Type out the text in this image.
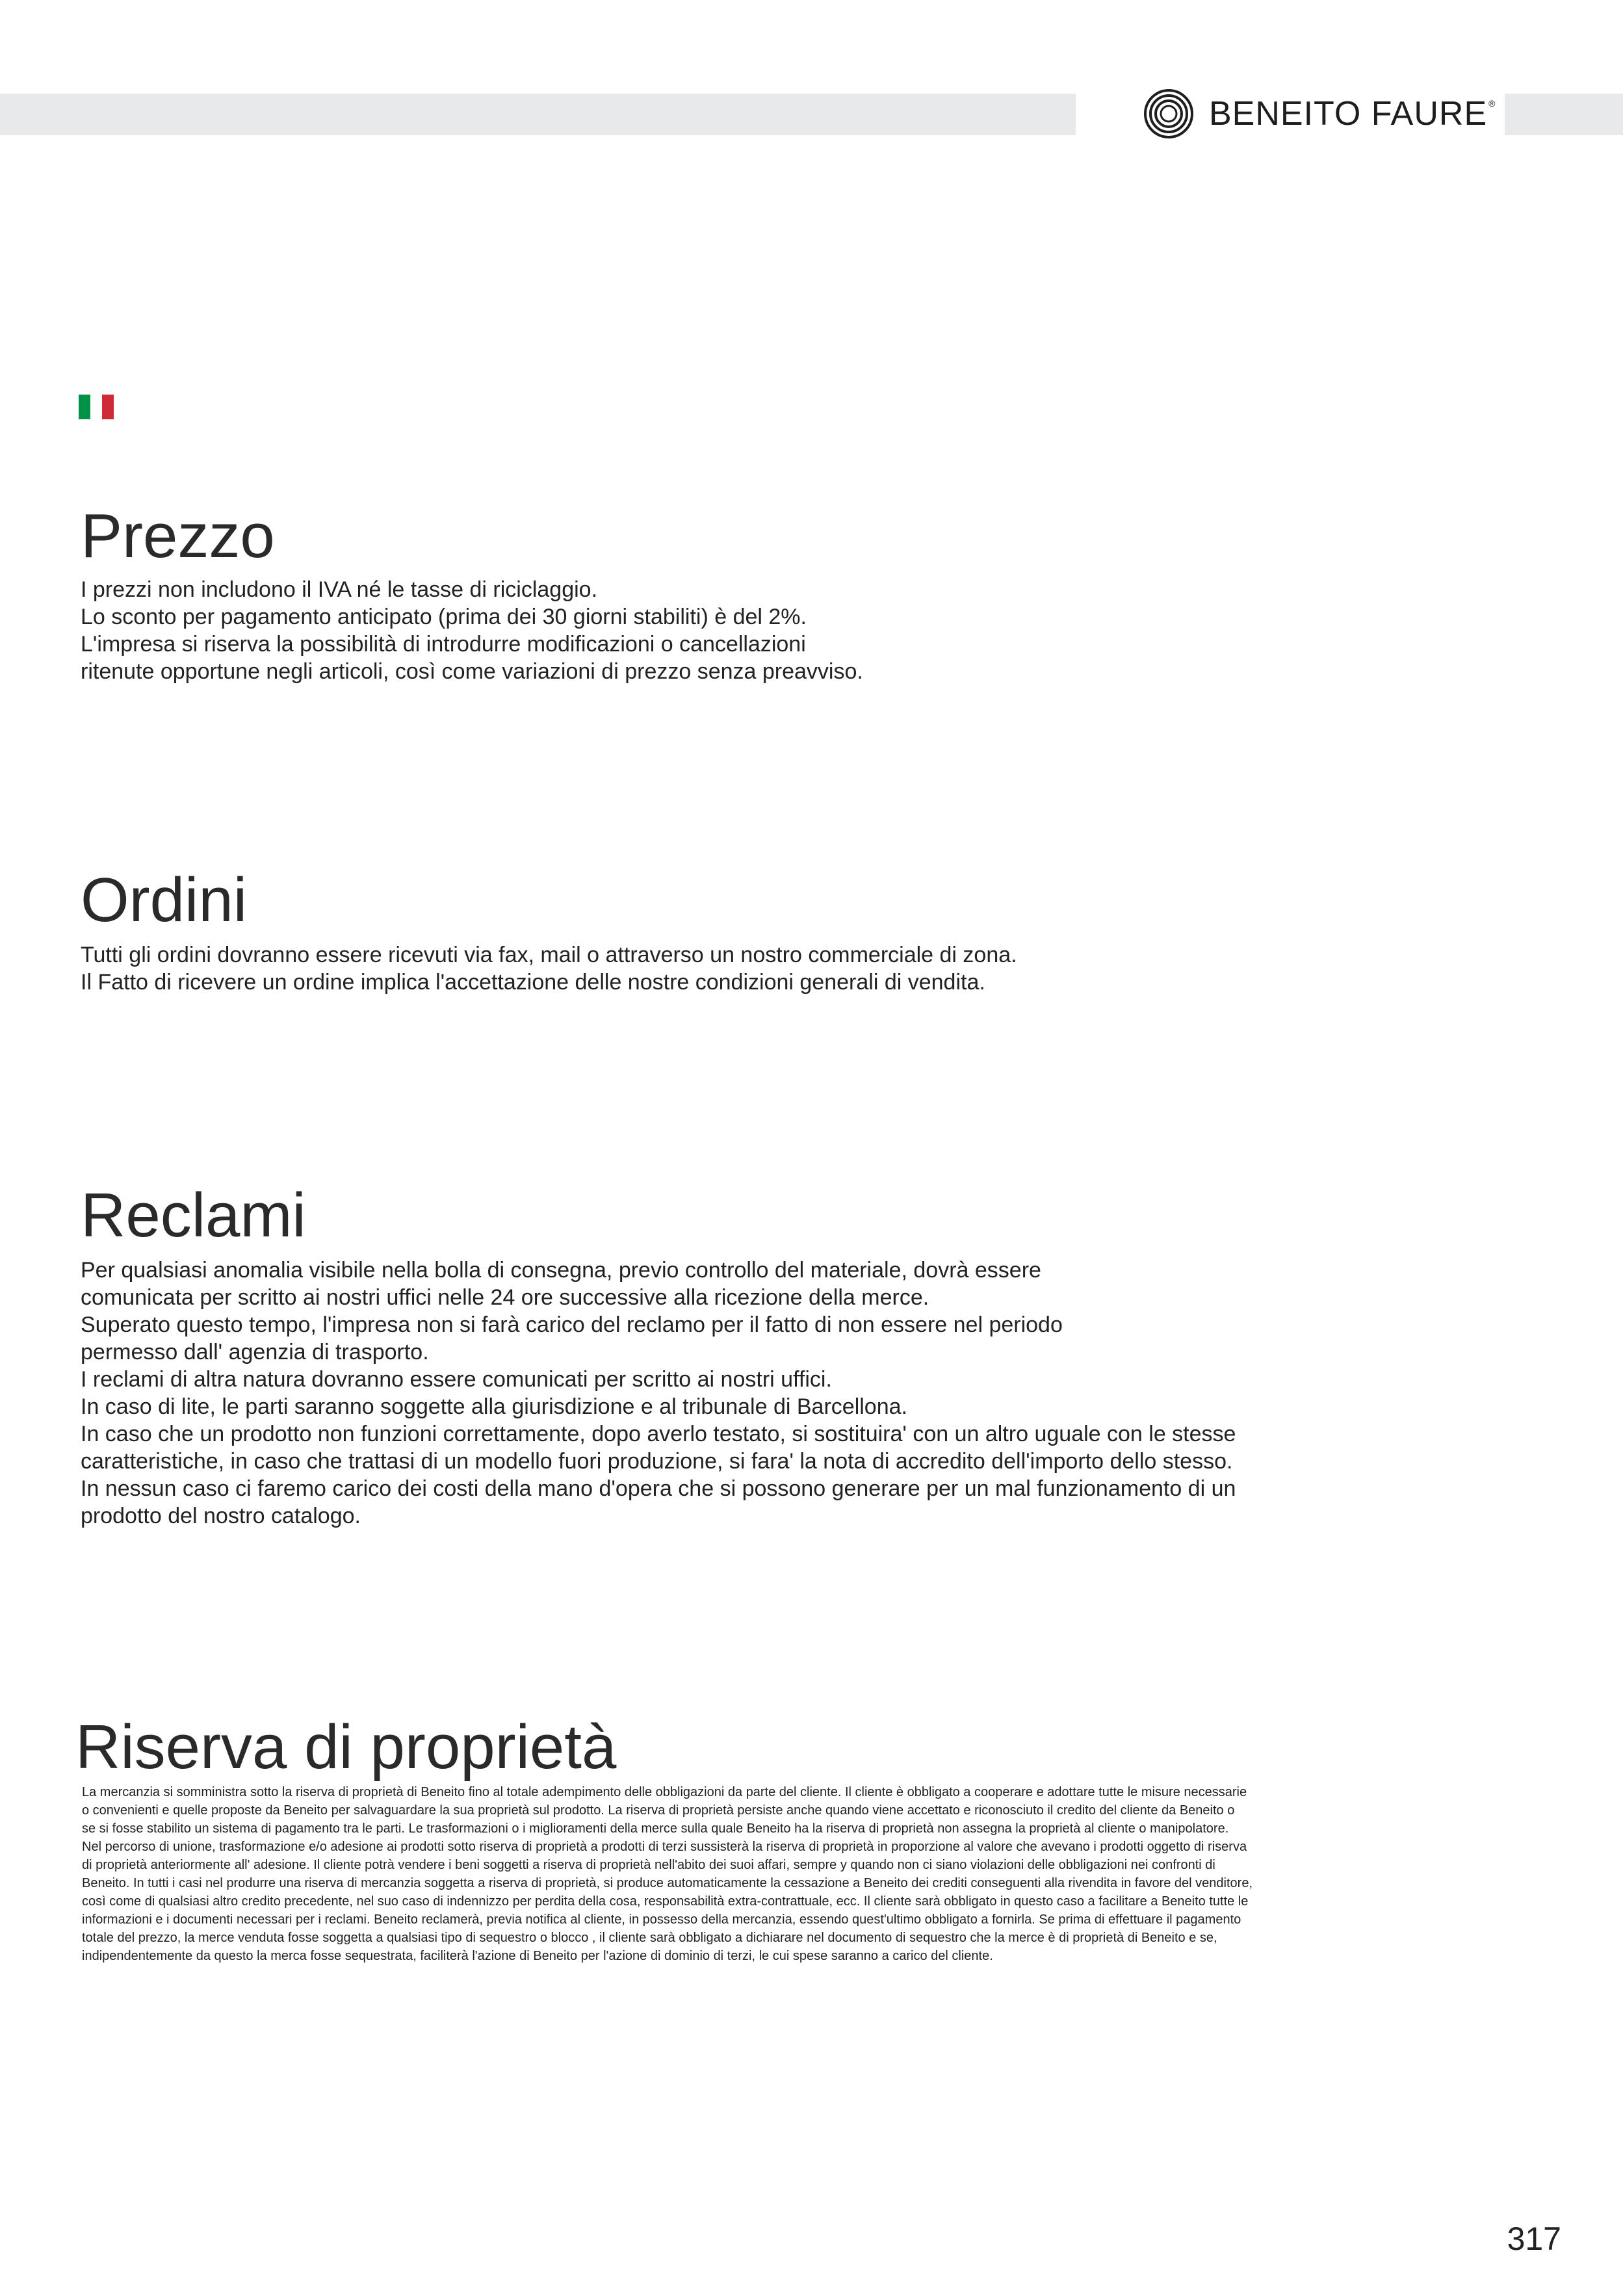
BENEITO FAURE ®
Prezzo
I prezzi non includono il IVA né le tasse di riciclaggio.
Lo sconto per pagamento anticipato (prima dei 30 giorni stabiliti) è del 2%.
L'impresa si riserva la possibilità di introdurre modificazioni o cancellazioni
ritenute opportune negli articoli, così come variazioni di prezzo senza preavviso.
Ordini
Tutti gli ordini dovranno essere ricevuti via fax, mail o attraverso un nostro commerciale di zona.
Il Fatto di ricevere un ordine implica l'accettazione delle nostre condizioni generali di vendita.
Reclami
Per qualsiasi anomalia visibile nella bolla di consegna, previo controllo del materiale, dovrà essere
comunicata per scritto ai nostri uffici nelle 24 ore successive alla ricezione della merce.
Superato questo tempo, l'impresa non si farà carico del reclamo per il fatto di non essere nel periodo
permesso dall' agenzia di trasporto.
I reclami di altra natura dovranno essere comunicati per scritto ai nostri uffici.
In caso di lite, le parti saranno soggette alla giurisdizione e al tribunale di Barcellona.
In caso che un prodotto non funzioni correttamente, dopo averlo testato, si sostituira' con un altro uguale con le stesse
caratteristiche, in caso che trattasi di un modello fuori produzione, si fara' la nota di accredito dell'importo dello stesso.
In nessun caso ci faremo carico dei costi della mano d'opera che si possono generare per un mal funzionamento di un
prodotto del nostro catalogo.
Riserva di proprietà
La mercanzia si somministra sotto la riserva di proprietà di Beneito fino al totale adempimento delle obbligazioni da parte del cliente. Il cliente è obbligato a cooperare e adottare tutte le misure necessarie
o convenienti e quelle proposte da Beneito per salvaguardare la sua proprietà sul prodotto. La riserva di proprietà persiste anche quando viene accettato e riconosciuto il credito del cliente da Beneito o
se si fosse stabilito un sistema di pagamento tra le parti. Le trasformazioni o i miglioramenti della merce sulla quale Beneito ha la riserva di proprietà non assegna la proprietà al cliente o manipolatore.
Nel percorso di unione, trasformazione e/o adesione ai prodotti sotto riserva di proprietà a prodotti di terzi sussisterà la riserva di proprietà in proporzione al valore che avevano i prodotti oggetto di riserva
di proprietà anteriormente all' adesione. Il cliente potrà vendere i beni soggetti a riserva di proprietà nell'abito dei suoi affari, sempre y quando non ci siano violazioni delle obbligazioni nei confronti di
Beneito. In tutti i casi nel produrre una riserva di mercanzia soggetta a riserva di proprietà, si produce automaticamente la cessazione a Beneito dei crediti conseguenti alla rivendita in favore del venditore,
così come di qualsiasi altro credito precedente, nel suo caso di indennizzo per perdita della cosa, responsabilità extra-contrattuale, ecc. Il cliente sarà obbligato in questo caso a facilitare a Beneito tutte le
informazioni e i documenti necessari per i reclami. Beneito reclamerà, previa notifica al cliente, in possesso della mercanzia, essendo quest'ultimo obbligato a fornirla. Se prima di effettuare il pagamento
totale del prezzo, la merce venduta fosse soggetta a qualsiasi tipo di sequestro o blocco , il cliente sarà obbligato a dichiarare nel documento di sequestro che la merce è di proprietà di Beneito e se,
indipendentemente da questo la merca fosse sequestrata, faciliterà l'azione di Beneito per l'azione di dominio di terzi, le cui spese saranno a carico del cliente.
317
